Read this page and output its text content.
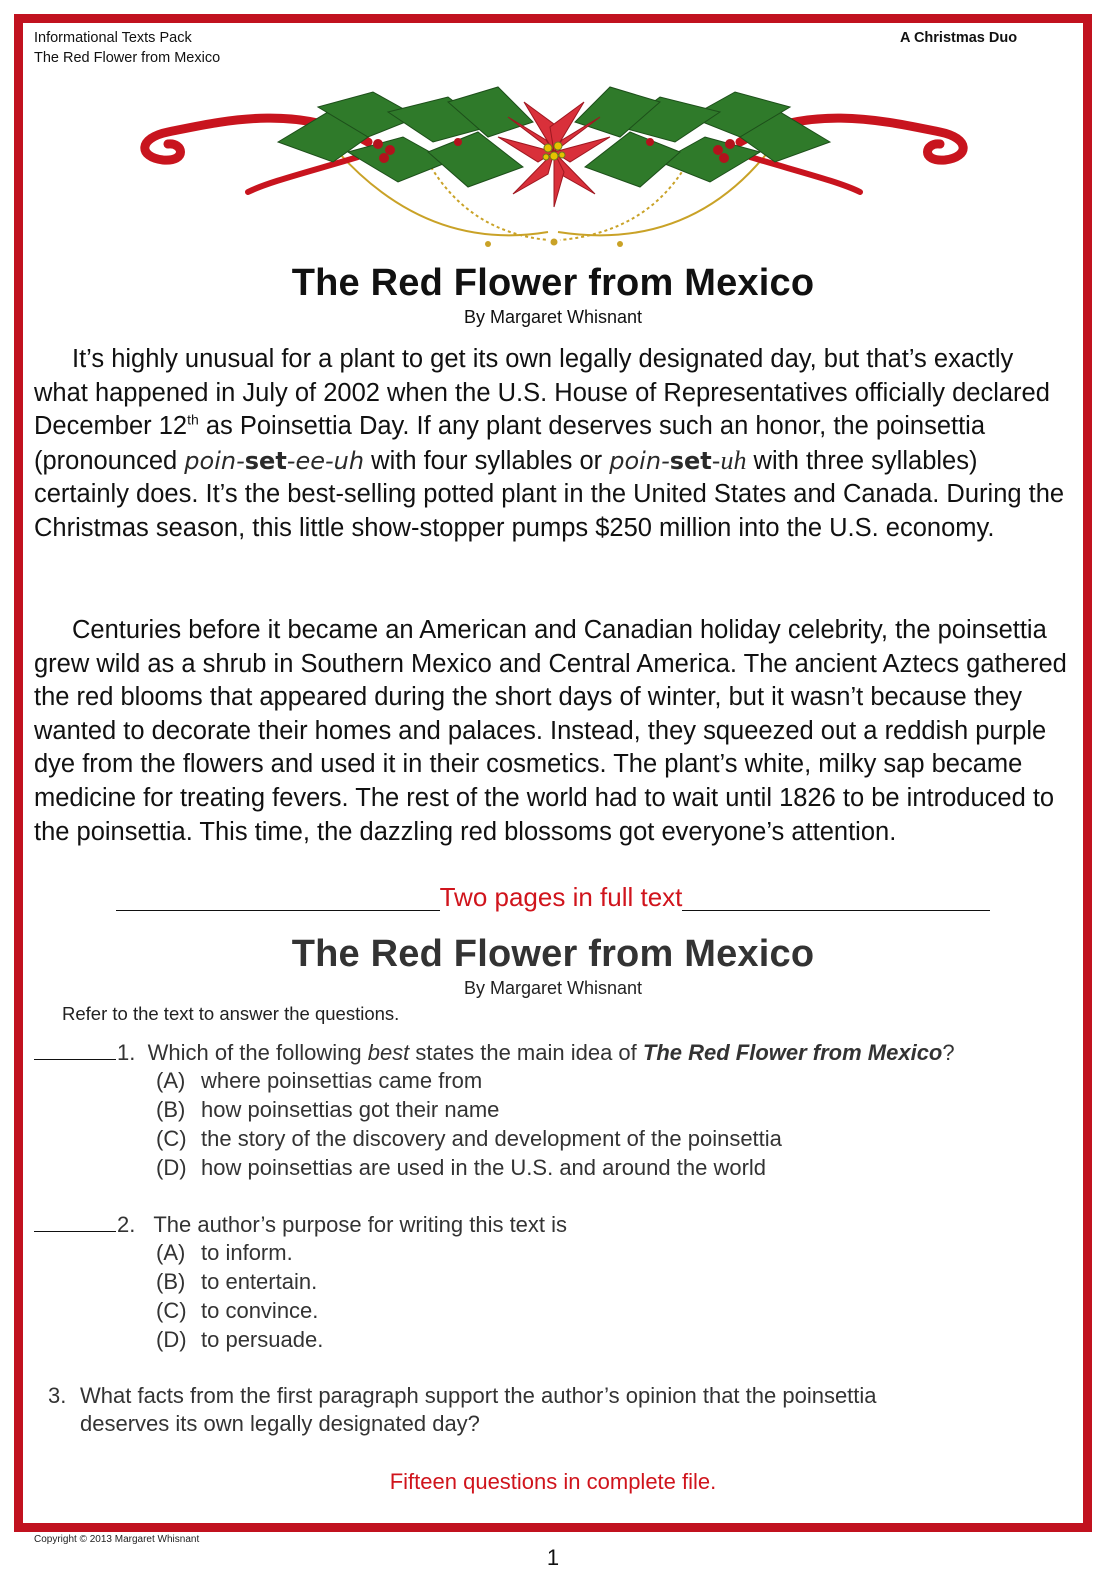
Informational Texts Pack
The Red Flower from Mexico
A Christmas Duo
The Red Flower from Mexico
By Margaret Whisnant

It’s highly unusual for a plant to get its own legally designated day, but that’s exactly what happened in July of 2002 when the U.S. House of Representatives officially declared December 12th as Poinsettia Day. If any plant deserves such an honor, the poinsettia (pronounced poin-set-ee-uh with four syllables or poin-set-uh with three syllables) certainly does. It’s the best-selling potted plant in the United States and Canada. During the Christmas season, this little show-stopper pumps $250 million into the U.S. economy.

Centuries before it became an American and Canadian holiday celebrity, the poinsettia grew wild as a shrub in Southern Mexico and Central America. The ancient Aztecs gathered the red blooms that appeared during the short days of winter, but it wasn’t because they wanted to decorate their homes and palaces. Instead, they squeezed out a reddish purple dye from the flowers and used it in their cosmetics. The plant’s white, milky sap became medicine for treating fevers. The rest of the world had to wait until 1826 to be introduced to the poinsettia. This time, the dazzling red blossoms got everyone’s attention.

Two pages in full text
The Red Flower from Mexico
By Margaret Whisnant
Refer to the text to answer the questions.
1. Which of the following best states the main idea of The Red Flower from Mexico?
(A) where poinsettias came from
(B) how poinsettias got their name
(C) the story of the discovery and development of the poinsettia
(D) how poinsettias are used in the U.S. and around the world
2. The author’s purpose for writing this text is
(A) to inform.
(B) to entertain.
(C) to convince.
(D) to persuade.
3. What facts from the first paragraph support the author’s opinion that the poinsettia
deserves its own legally designated day?
Fifteen questions in complete file.
Copyright © 2013 Margaret Whisnant
1
